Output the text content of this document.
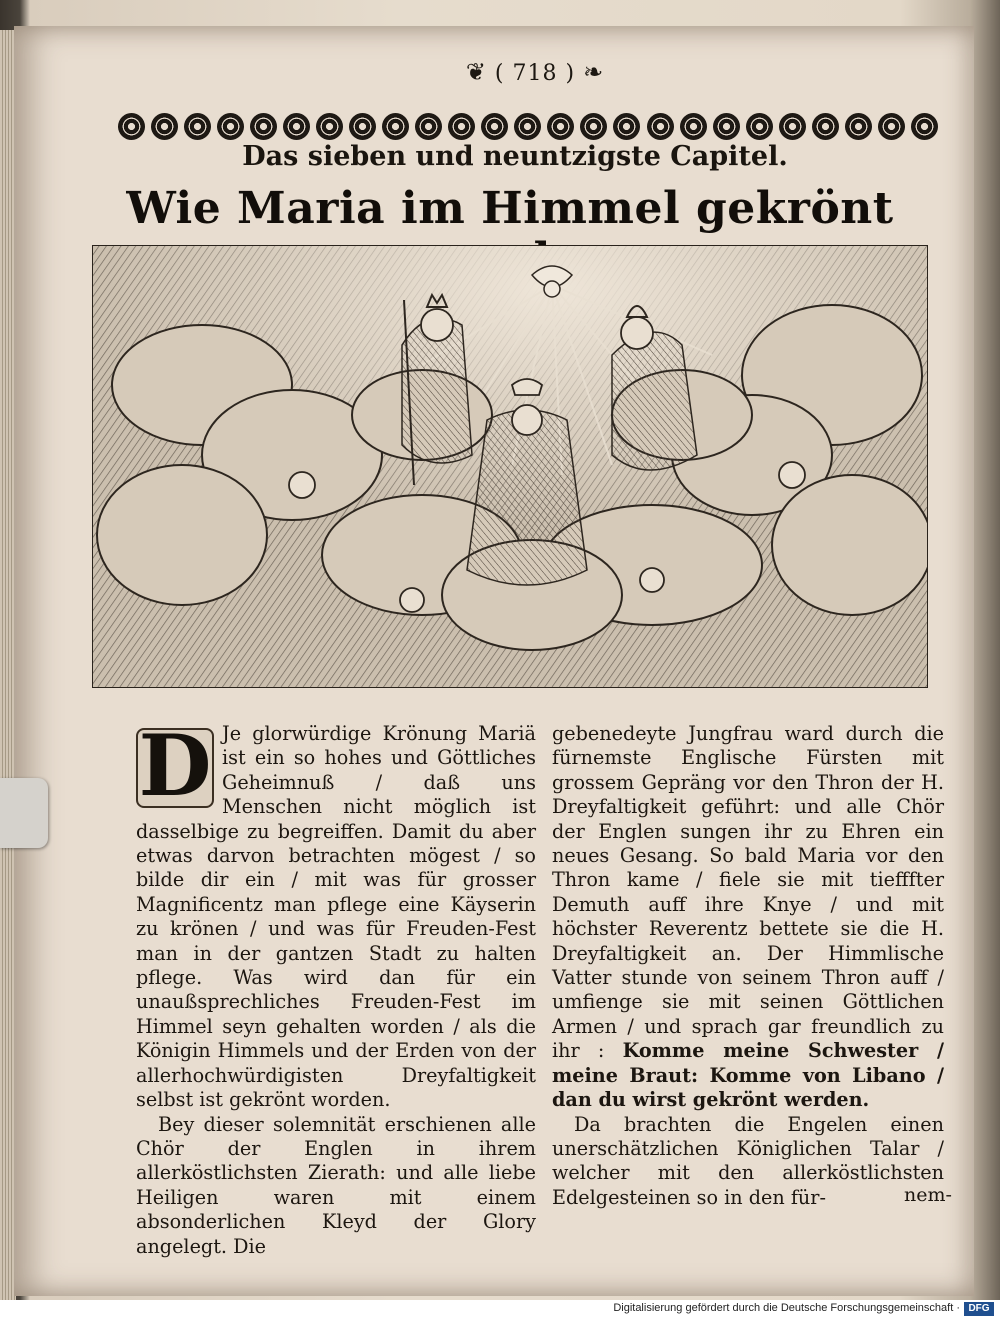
❦ ( 718 ) ❧
Das sieben und neuntzigste Capitel.
Wie Maria im Himmel gekrönt

D Je glorwürdige Krönung Mariä ist ein so hohes und Göttliches Geheimnuß / daß uns Menschen nicht möglich ist dasselbige zu begreiffen. Damit du aber etwas darvon betrachten mögest / so bilde dir ein / mit was für grosser Magnificentz man pflege eine Käyserin zu krönen / und was für Freuden-Fest man in der gantzen Stadt zu halten pflege. Was wird dan für ein unaußsprechliches Freuden-Fest im Himmel seyn gehalten worden / als die Königin Himmels und der Erden von der allerhochwürdigisten Dreyfaltigkeit selbst ist gekrönt worden.

Bey dieser solemnität erschienen alle Chör der Englen in ihrem allerköstlichsten Zierath: und alle liebe Heiligen waren mit einem absonderlichen Kleyd der Glory angelegt. Die

gebenedeyte Jungfrau ward durch die fürnemste Englische Fürsten mit grossem Gepräng vor den Thron der H. Dreyfaltigkeit geführt: und alle Chör der Englen sungen ihr zu Ehren ein neues Gesang. So bald Maria vor den Thron kame / fiele sie mit tiefffter Demuth auff ihre Knye / und mit höchster Reverentz bettete sie die H. Dreyfaltigkeit an. Der Himmlische Vatter stunde von seinem Thron auff / umfienge sie mit seinen Göttlichen Armen / und sprach gar freundlich zu ihr : Komme meine Schwester / meine Braut: Komme von Libano / dan du wirst gekrönt werden.

Da brachten die Engelen einen unerschätzlichen Königlichen Talar / welcher mit den allerköstlichsten Edelgesteinen so in den für-	nem-
Digitalisierung gefördert durch die Deutsche Forschungsgemeinschaft · DFG
